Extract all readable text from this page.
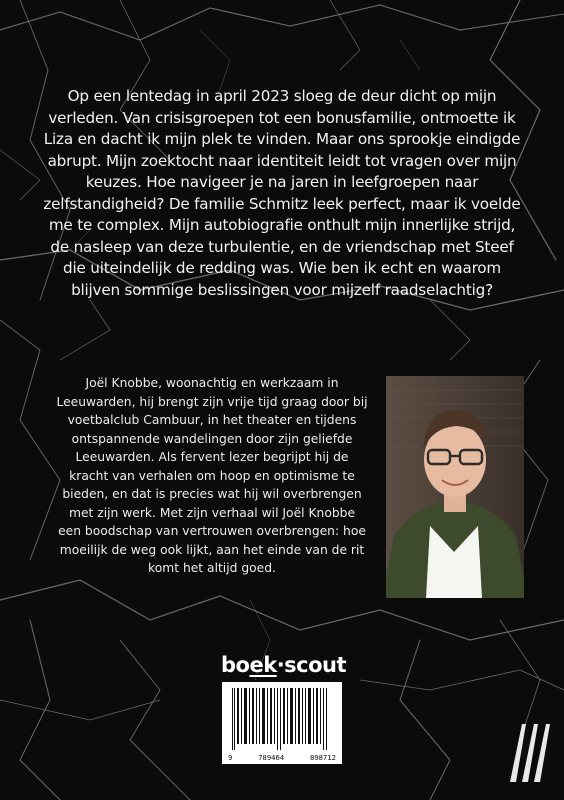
Op een lentedag in april 2023 sloeg de deur dicht op mijn verleden. Van crisisgroepen tot een bonusfamilie, ontmoette ik Liza en dacht ik mijn plek te vinden. Maar ons sprookje eindigde abrupt. Mijn zoektocht naar identiteit leidt tot vragen over mijn keuzes. Hoe navigeer je na jaren in leefgroepen naar zelfstandigheid? De familie Schmitz leek perfect, maar ik voelde me te complex. Mijn autobiografie onthult mijn innerlijke strijd, de nasleep van deze turbulentie, en de vriendschap met Steef die uiteindelijk de redding was. Wie ben ik echt en waarom blijven sommige beslissingen voor mijzelf raadselachtig?

Joël Knobbe, woonachtig en werkzaam in Leeuwarden, hij brengt zijn vrije tijd graag door bij voetbalclub Cambuur, in het theater en tijdens ontspannende wandelingen door zijn geliefde Leeuwarden. Als fervent lezer begrijpt hij de kracht van verhalen om hoop en optimisme te bieden, en dat is precies wat hij wil overbrengen met zijn werk. Met zijn verhaal wil Joël Knobbe een boodschap van vertrouwen overbrengen: hoe moeilijk de weg ook lijkt, aan het einde van de rit komt het altijd goed.

boek·scout
9	789464	898712
